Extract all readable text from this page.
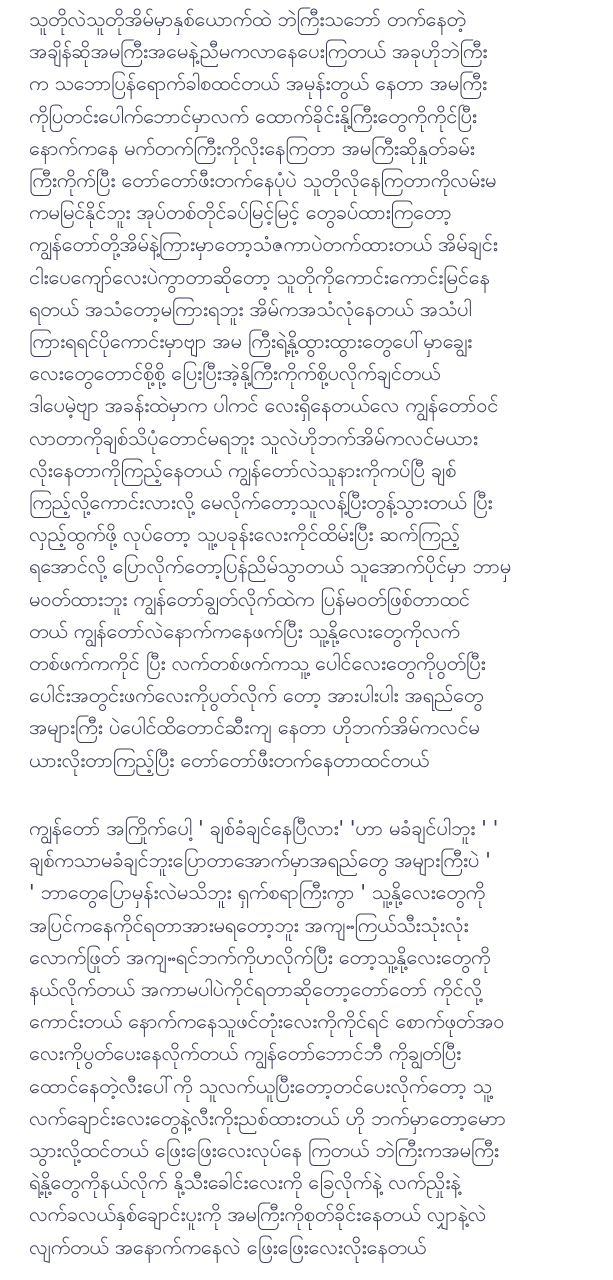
သူတိုလဲသူတိုအိမ်မှာနှစ်ယောက်ထဲ ဘဲကြီးသဘော် တက်နေတဲ့
အချိန်ဆိုအမကြီးအမေနဲ့ညီမကလာနေပေးကြတယ် အခုဟိုဘဲကြီး
က သဘောပြန်ရောက်ခါစထင်တယ် အမုန်းတွယ် နေတာ အမကြီး
ကိုပြတင်းပေါက်ဘောင်မှာလက် ထောက်ခိုင်းနို့ကြီးတွေကိုကိုင်ပြီး
နောက်ကနေ မက်တက်ကြီးကိုလိုးနေကြတာ အမကြီးဆိုနှုတ်ခမ်း
ကြီးကိုက်ပြီး တော်တော်ဖီးတက်နေပုံပဲ သူတိုလိုနေကြတာကိုလမ်းမ
ကမမြင်နိုင်ဘူး အုပ်တစ်တိုင်ခပ်မြင့်မြင့် တွေခပ်ထားကြတော့
ကျွန်တော်တို့အိမ်နဲ့ကြားမှာတော့သံဇကာပဲတက်ထားတယ် အိမ်ချင်း
ငါးပေကျော်လေးပဲကွာတာဆိုတော့ သူတိုကိုကောင်းကောင်းမြင်နေ
ရတယ် အသံတော့မကြားရဘူး အိမ်ကအသံလုံနေတယ် အသံပါ
ကြားရရင်ပိုကောင်းမှာဗျာ အမ ကြီးရဲ့နို့ထွားထွားတွေပေါ်မှာချွေး
လေးတွေတောင်စို့စို့ ပြေးပြီးအဲ့နို့ကြီးကိုက်စို့ပလိုက်ချင်တယ်
ဒါပေမဲ့ဗျာ အခန်းထဲမှာက ပါကင် လေးရှိနေတယ်လေ ကျွန်တော်ဝင်
လာတာကိုချစ်သိပုံတောင်မရဘူး သူလဲဟိုဘက်အိမ်ကလင်မယား
လိုးနေတာကိုကြည့်နေတယ် ကျွန်တော်လဲသူနားကိုကပ်ပြီ ချစ်
ကြည့်လို့ကောင်းလားလို့ မေလိုက်တော့သူလန့်ပြီးတွန့်သွားတယ် ပြီး
လှည့်ထွက်ဖို့ လုပ်တော့ သူ့ပခုန်းလေးကိုင်ထိမ်းပြီး ဆက်ကြည့်
ရအောင်လို့ ပြောလိုက်တော့ပြန်ညိမ်သွာတယ် သူအောက်ပိုင်မှာ ဘာမှ
မဝတ်ထားဘူး ကျွန်တော်ချွတ်လိုက်ထဲက ပြန်မဝတ်ဖြစ်တာထင်
တယ် ကျွန်တော်လဲနောက်ကနေဖက်ပြီး သူ့နို့လေးတွေကိုလက်
တစ်ဖက်ကကိုင် ပြီး လက်တစ်ဖက်ကသူ့ ပေါင်လေးတွေကိုပွတ်ပြီး
ပေါင်းအတွင်းဖက်လေးကိုပွတ်လိုက် တော့ အားပါးပါး အရည်တွေ
အများကြီး ပဲပေါင်ထိတောင်ဆီးကျ နေတာ ဟိုဘက်အိမ်ကလင်မ
ယားလိုးတာကြည့်ပြီး တော်တော်ဖီးတက်နေတာထင်တယ်
ကျွန်တော် အကြိုက်ပေါ့ ' ချစ်ခံချင်နေပြီလား' 'ဟာ မခံချင်ပါဘူး ' '
ချစ်ကသာမခံချင်ဘူးပြောတာအောက်မှာအရည်တွေ အများကြီးပဲ '
' ဘာတွေပြောမှန်းလဲမသိဘူး ရှက်စရာကြီးကွာ ' သူ့နို့လေးတွေကို
အပြင်ကနေကိုင်ရတာအားမရတော့ဘူး အကျႌကြယ်သီးသုံးလုံး
လောက်ဖြုတ် အကျႌရင်ဘက်ကိုဟလိုက်ပြီး တော့သူ့နို့လေးတွေကို
နယ်လိုက်တယ် အကာမပါပဲကိုင်ရတာဆိုတော့တော်တော် ကိုင်လို့
ကောင်းတယ် နောက်ကနေသူဖင်တုံးလေးကိုကိုင်ရင် စောက်ဖုတ်အဝ
လေးကိုပွတ်ပေးနေလိုက်တယ် ကျွန်တော်ဘောင်ဘီ ကိုချွတ်ပြီး
ထောင်နေတဲ့လီးပေါ်ကို သူလက်ယူပြီးတော့တင်ပေးလိုက်တော့ သူ့
လက်ချောင်းလေးတွေနဲ့လီးကိုးညစ်ထားတယ် ဟို ဘက်မှာတော့မောာ
သွားလို့ထင်တယ် ဖြေးဖြေးလေးလုပ်နေ ကြတယ် ဘဲကြီးကအမကြီး
ရဲ့နို့တွေကိုနယ်လိုက် နို့သီးခေါင်းလေးကို ခြေလိုက်နဲ့ လက်ညှိုးနဲ့
လက်ခလယ်နှစ်ချောင်းပူးကို အမကြီးကိုစုတ်ခိုင်းနေတယ် လျှာနဲ့လဲ
လျက်တယ် အနောက်ကနေလဲ ဖြေးဖြေးလေးလိုးနေတယ်
